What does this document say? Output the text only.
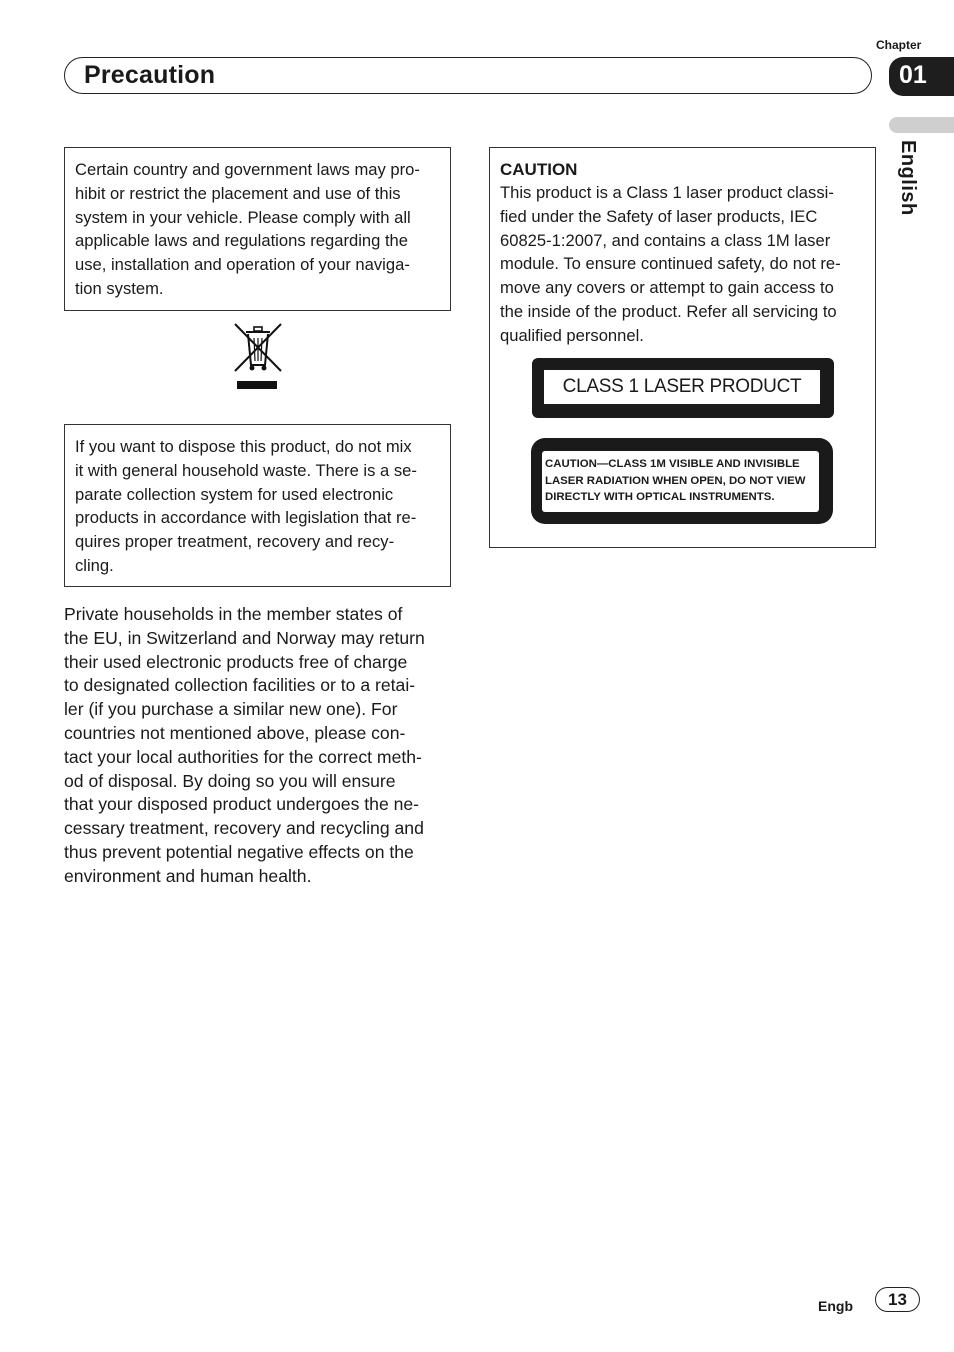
Chapter
Precaution	01
English

Certain country and government laws may pro-

hibit or restrict the placement and use of this

system in your vehicle. Please comply with all

applicable laws and regulations regarding the

use, installation and operation of your naviga-

tion system.

If you want to dispose this product, do not mix

it with general household waste. There is a se-

parate collection system for used electronic

products in accordance with legislation that re-

quires proper treatment, recovery and recy-

cling.

Private households in the member states of
the EU, in Switzerland and Norway may return
their used electronic products free of charge
to designated collection facilities or to a retai-
ler (if you purchase a similar new one). For
countries not mentioned above, please con-
tact your local authorities for the correct meth-
od of disposal. By doing so you will ensure
that your disposed product undergoes the ne-
cessary treatment, recovery and recycling and
thus prevent potential negative effects on the
environment and human health.

CAUTION

This product is a Class 1 laser product classi-

fied under the Safety of laser products, IEC

60825-1:2007, and contains a class 1M laser

module. To ensure continued safety, do not re-

move any covers or attempt to gain access to

the inside of the product. Refer all servicing to

qualified personnel.

CLASS 1 LASER PRODUCT
CAUTION—CLASS 1M VISIBLE AND INVISIBLE
LASER RADIATION WHEN OPEN, DO NOT VIEW
DIRECTLY WITH OPTICAL INSTRUMENTS.
Engb	13
